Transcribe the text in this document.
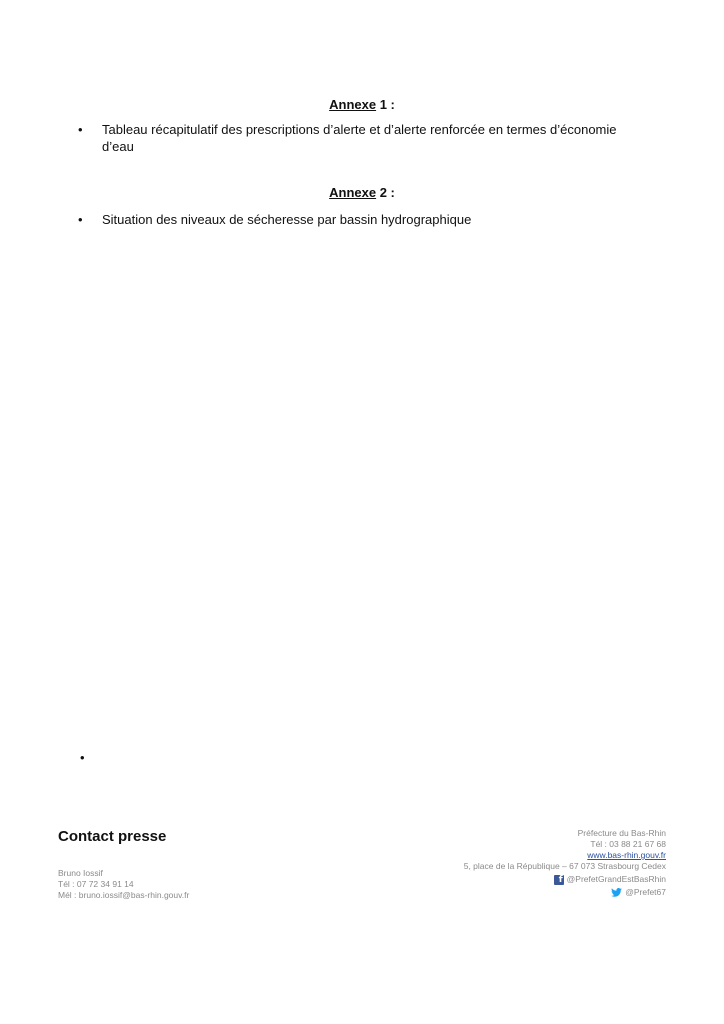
Annexe 1 :
•	Tableau récapitulatif des prescriptions d’alerte et d’alerte renforcée en termes d’économie d’eau
Annexe 2 :
•	Situation des niveaux de sécheresse par bassin hydrographique
•
Contact presse
Bruno Iossif
Tél : 07 72 34 91 14
Mél : bruno.iossif@bas-rhin.gouv.fr
Préfecture du Bas-Rhin
Tél : 03 88 21 67 68
www.bas-rhin.gouv.fr
5, place de la République – 67 073 Strasbourg Cedex
f
@PrefetGrandEstBasRhin
@Prefet67
